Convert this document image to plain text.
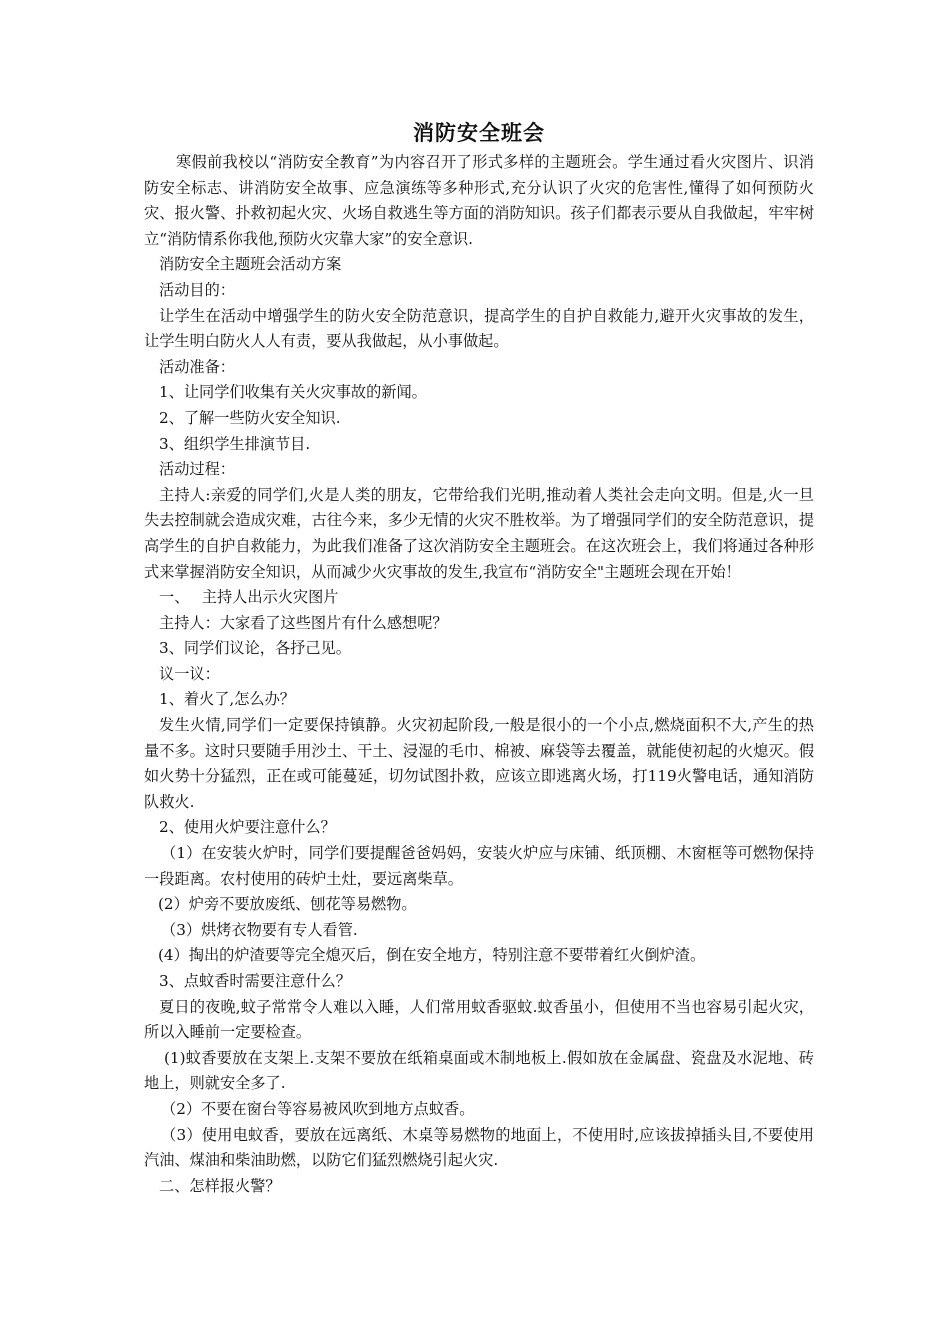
消防安全班会

寒假前我校以“消防安全教育”为内容召开了形式多样的主题班会。学生通过看火灾图片、识消防安全标志、讲消防安全故事、应急演练等多种形式,充分认识了火灾的危害性,懂得了如何预防火灾、报火警、扑救初起火灾、火场自救逃生等方面的消防知识。孩子们都表示要从自我做起，牢牢树立“消防情系你我他,预防火灾靠大家”的安全意识.

消防安全主题班会活动方案

活动目的：

让学生在活动中增强学生的防火安全防范意识，提高学生的自护自救能力,避开火灾事故的发生，让学生明白防火人人有责，要从我做起，从小事做起。

活动准备：

1、让同学们收集有关火灾事故的新闻。

2、了解一些防火安全知识.

3、组织学生排演节目.

活动过程：

主持人:亲爱的同学们,火是人类的朋友，它带给我们光明,推动着人类社会走向文明。但是,火一旦失去控制就会造成灾难，古往今来，多少无情的火灾不胜枚举。为了增强同学们的安全防范意识，提高学生的自护自救能力，为此我们准备了这次消防安全主题班会。在这次班会上，我们将通过各种形式来掌握消防安全知识，从而减少火灾事故的发生,我宣布“消防安全"主题班会现在开始！

一、　 主持人出示火灾图片

主持人：大家看了这些图片有什么感想呢？

3、同学们议论，各抒己见。

议一议：

1、着火了,怎么办？

发生火情,同学们一定要保持镇静。火灾初起阶段,一般是很小的一个小点,燃烧面积不大,产生的热量不多。这时只要随手用沙土、干土、浸湿的毛巾、棉被、麻袋等去覆盖，就能使初起的火熄灭。假如火势十分猛烈，正在或可能蔓延，切勿试图扑救，应该立即逃离火场，打119火警电话，通知消防队救火.

2、使用火炉要注意什么？

（1）在安装火炉时，同学们要提醒爸爸妈妈，安装火炉应与床铺、纸顶棚、木窗框等可燃物保持一段距离。农村使用的砖炉土灶，要远离柴草。

(2）炉旁不要放废纸、刨花等易燃物。

（3）烘烤衣物要有专人看管.

(4）掏出的炉渣要等完全熄灭后，倒在安全地方，特别注意不要带着红火倒炉渣。

3、点蚊香时需要注意什么？

夏日的夜晚,蚊子常常令人难以入睡，人们常用蚊香驱蚊.蚊香虽小，但使用不当也容易引起火灾，所以入睡前一定要检查。

(1)蚊香要放在支架上.支架不要放在纸箱桌面或木制地板上.假如放在金属盘、瓷盘及水泥地、砖地上，则就安全多了.

（2）不要在窗台等容易被风吹到地方点蚊香。

（3）使用电蚊香，要放在远离纸、木桌等易燃物的地面上，不使用时,应该拔掉插头目,不要使用汽油、煤油和柴油助燃，以防它们猛烈燃烧引起火灾.

二、怎样报火警？
